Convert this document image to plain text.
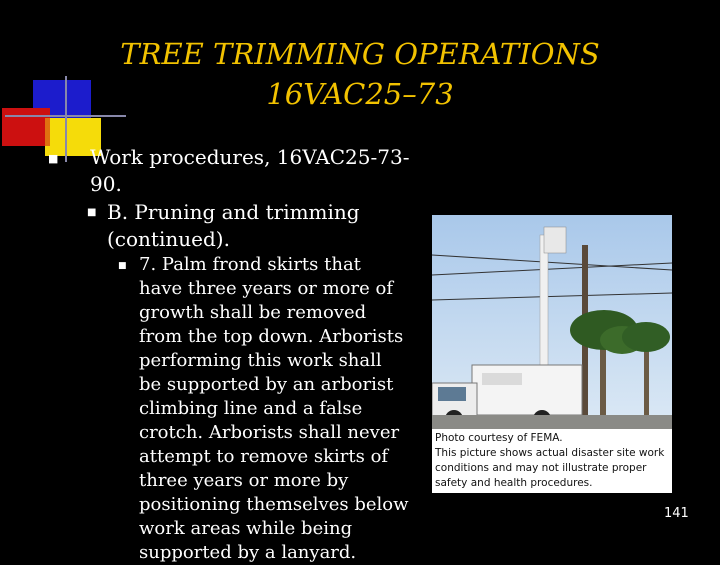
TREE TRIMMING OPERATIONS
16VAC25–73
■ Work procedures, 16VAC25-73-90.
■ B. Pruning and trimming (continued).
■ 7. Palm frond skirts that have three years or more of growth shall be removed from the top down. Arborists performing this work shall be supported by an arborist climbing line and a false crotch. Arborists shall never attempt to remove skirts of three years or more by positioning themselves below work areas while being supported by a lanyard.
Photo courtesy of FEMA.
This picture shows actual disaster site work conditions and may not illustrate proper safety and health procedures.
141
